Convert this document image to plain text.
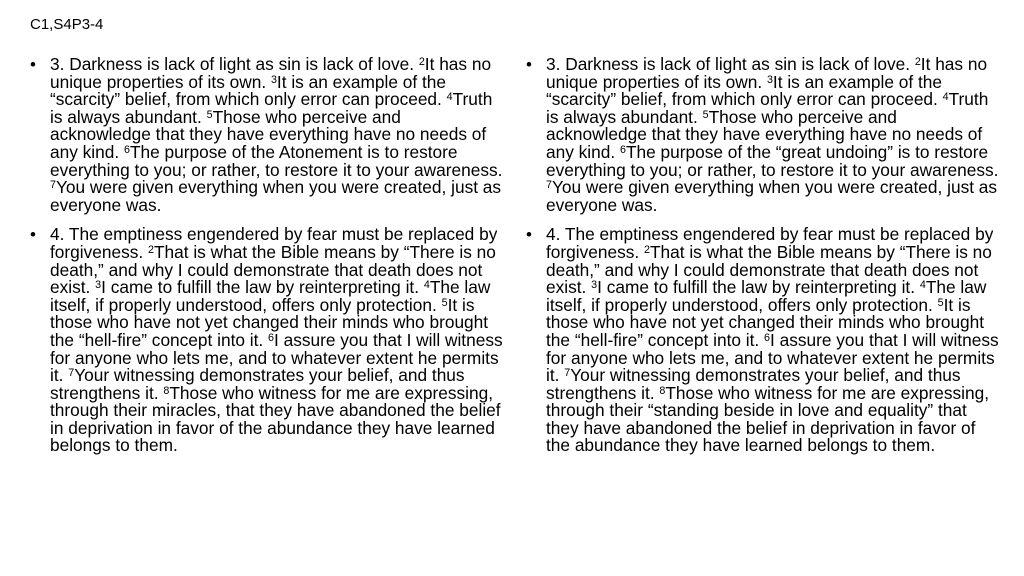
C1,S4P3-4
• 3. Darkness is lack of light as sin is lack of love. $^2$It has no unique properties of its own. $^3$It is an example of the “scarcity” belief, from which only error can proceed. $^4$Truth is always abundant. $^5$Those who perceive and acknowledge that they have everything have no needs of any kind. $^6$The purpose of the Atonement is to restore everything to you; or rather, to restore it to your awareness. $^7$You were given everything when you were created, just as everyone was.
• 4. The emptiness engendered by fear must be replaced by forgiveness. $^2$That is what the Bible means by “There is no death,” and why I could demonstrate that death does not exist. $^3$I came to fulfill the law by reinterpreting it. $^4$The law itself, if properly understood, offers only protection. $^5$It is those who have not yet changed their minds who brought the “hell-fire” concept into it. $^6$I assure you that I will witness for anyone who lets me, and to whatever extent he permits it. $^7$Your witnessing demonstrates your belief, and thus strengthens it. $^8$Those who witness for me are expressing, through their miracles, that they have abandoned the belief in deprivation in favor of the abundance they have learned belongs to them.
• 3. Darkness is lack of light as sin is lack of love. $^2$It has no unique properties of its own. $^3$It is an example of the “scarcity” belief, from which only error can proceed. $^4$Truth is always abundant. $^5$Those who perceive and acknowledge that they have everything have no needs of any kind. $^6$The purpose of the “great undoing” is to restore everything to you; or rather, to restore it to your awareness. $^7$You were given everything when you were created, just as everyone was.
• 4. The emptiness engendered by fear must be replaced by forgiveness. $^2$That is what the Bible means by “There is no death,” and why I could demonstrate that death does not exist. $^3$I came to fulfill the law by reinterpreting it. $^4$The law itself, if properly understood, offers only protection. $^5$It is those who have not yet changed their minds who brought the “hell-fire” concept into it. $^6$I assure you that I will witness for anyone who lets me, and to whatever extent he permits it. $^7$Your witnessing demonstrates your belief, and thus strengthens it. $^8$Those who witness for me are expressing, through their “standing beside in love and equality” that they have abandoned the belief in deprivation in favor of the abundance they have learned belongs to them.
